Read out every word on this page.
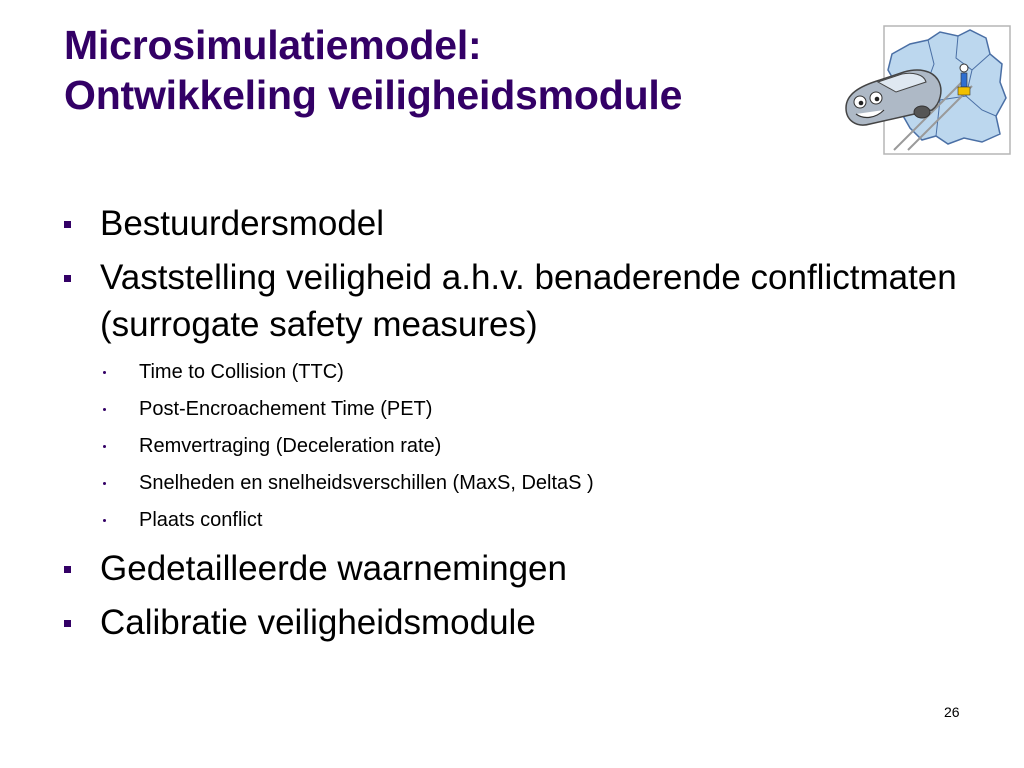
Microsimulatiemodel:
Ontwikkeling veiligheidsmodule
Bestuurdersmodel
Vaststelling veiligheid a.h.v. benaderende conflictmaten (surrogate safety measures)
Time to Collision (TTC)
Post-Encroachement Time (PET)
Remvertraging (Deceleration rate)
Snelheden en snelheidsverschillen (MaxS, DeltaS )
Plaats conflict
Gedetailleerde waarnemingen
Calibratie veiligheidsmodule
26
